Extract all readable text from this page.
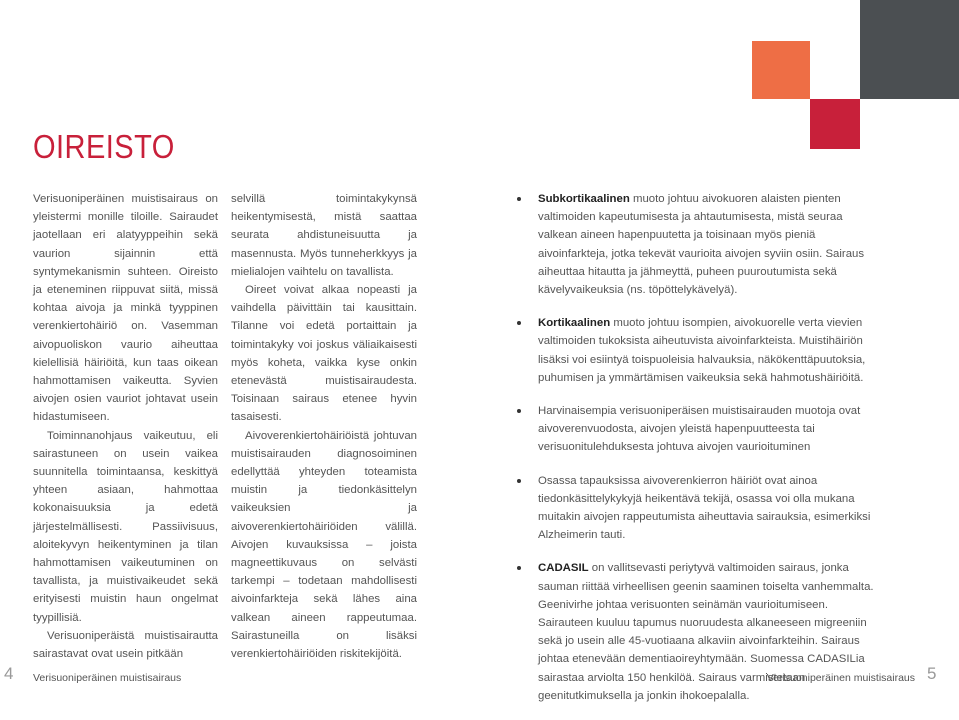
OIREISTO

Verisuoniperäinen muistisairaus on yleistermi monille tiloille. Sairaudet jaotellaan eri alatyyppeihin sekä vaurion sijainnin että syntymekanismin suhteen. Oireisto ja eteneminen riippuvat siitä, missä kohtaa aivoja ja minkä tyyppinen verenkiertohäiriö on. Vasemman aivopuoliskon vaurio aiheuttaa kielellisiä häiriöitä, kun taas oikean hahmottamisen vaikeutta. Syvien aivojen osien vauriot johtavat usein hidastumiseen.

Toiminnanohjaus vaikeutuu, eli sairastuneen on usein vaikea suunnitella toimintaansa, keskittyä yhteen asiaan, hahmottaa kokonaisuuksia ja edetä järjestelmällisesti. Passiivisuus, aloitekyvyn heikentyminen ja tilan hahmottamisen vaikeutuminen on tavallista, ja muistivaikeudet sekä erityisesti muistin haun ongelmat tyypillisiä.

Verisuoniperäistä muistisairautta sairastavat ovat usein pitkään

selvillä toimintakykynsä heikentymisestä, mistä saattaa seurata ahdistuneisuutta ja masennusta. Myös tunneherkkyys ja mielialojen vaihtelu on tavallista.

Oireet voivat alkaa nopeasti ja vaihdella päivittäin tai kausittain. Tilanne voi edetä portaittain ja toimintakyky voi joskus väliaikaisesti myös koheta, vaikka kyse onkin etenevästä muistisairaudesta. Toisinaan sairaus etenee hyvin tasaisesti.

Aivoverenkiertohäiriöistä johtuvan muistisairauden diagnosoiminen edellyttää yhteyden toteamista muistin ja tiedonkäsittelyn vaikeuksien ja aivoverenkiertohäiriöiden välillä. Aivojen kuvauksissa – joista magneettikuvaus on selvästi tarkempi – todetaan mahdollisesti aivoinfarkteja sekä lähes aina valkean aineen rappeutumaa. Sairastuneilla on lisäksi verenkiertohäiriöiden riskitekijöitä.

Subkortikaalinen muoto johtuu aivokuoren alaisten pienten valtimoiden kapeutumisesta ja ahtautumisesta, mistä seuraa valkean aineen hapenpuutetta ja toisinaan myös pieniä aivoinfarkteja, jotka tekevät vaurioita aivojen syviin osiin. Sairaus aiheuttaa hitautta ja jähmeyttä, puheen puuroutumista sekä kävelyvaikeuksia (ns. töpöttelykävelyä).
Kortikaalinen muoto johtuu isompien, aivokuorelle verta vievien valtimoiden tukoksista aiheutuvista aivoinfarkteista. Muistihäiriön lisäksi voi esiintyä toispuoleisia halvauksia, näkökenttäpuutoksia, puhumisen ja ymmärtämisen vaikeuksia sekä hahmotushäiriöitä.
Harvinaisempia verisuoniperäisen muistisairauden muotoja ovat aivoverenvuodosta, aivojen yleistä hapenpuutteesta tai verisuonitulehduksesta johtuva aivojen vaurioituminen
Osassa tapauksissa aivoverenkierron häiriöt ovat ainoa tiedonkäsittelykykyjä heikentävä tekijä, osassa voi olla mukana muitakin aivojen rappeutumista aiheuttavia sairauksia, esimerkiksi Alzheimerin tauti.
CADASIL on vallitsevasti periytyvä valtimoiden sairaus, jonka sauman riittää virheellisen geenin saaminen toiselta vanhemmalta. Geenivirhe johtaa verisuonten seinämän vaurioitumiseen. Sairauteen kuuluu tapumus nuoruudesta alkaneeseen migreeniin sekä jo usein alle 45-vuotiaana alkaviin aivoinfarkteihin. Sairaus johtaa etenevään dementiaoireyhtymään. Suomessa CADASILia sairastaa arviolta 150 henkilöä. Sairaus varmistetaan geenitutkimuksella ja jonkin ihokoepalalla.
4 Verisuoniperäinen muistisairaus	Verisuoniperäinen muistisairaus 5
